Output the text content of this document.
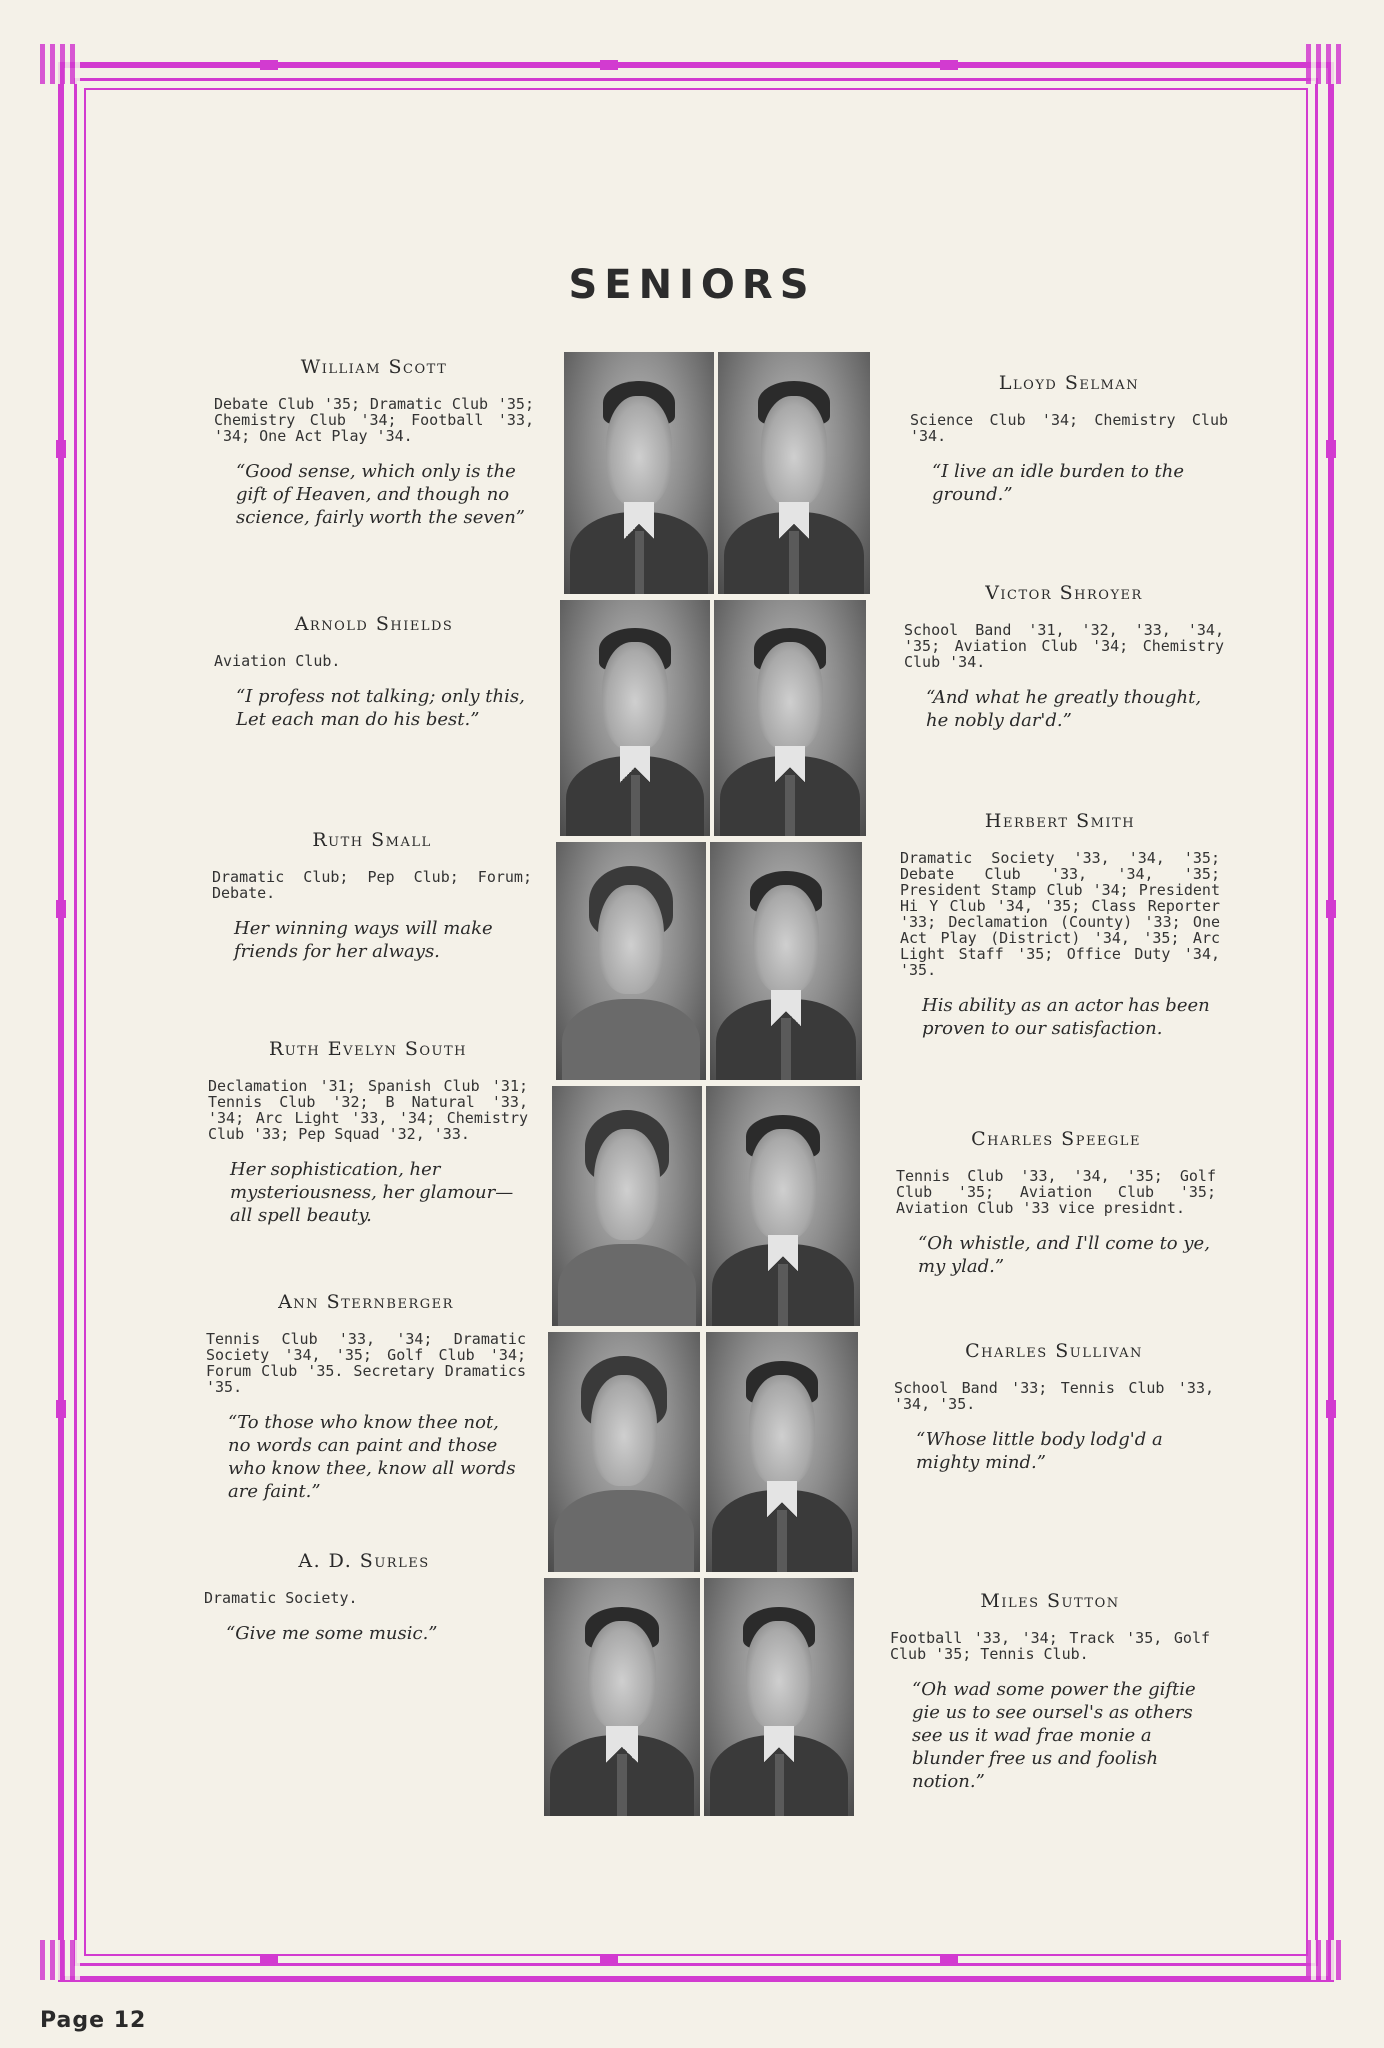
SENIORS
William Scott
Debate Club '35; Dramatic Club '35; Chemistry Club '34; Football '33, '34; One Act Play '34.
“Good sense, which only is the gift of Heaven, and though no science, fairly worth the seven”
Arnold Shields
Aviation Club.
“I profess not talking; only this, Let each man do his best.”
Ruth Small
Dramatic Club; Pep Club; Forum; Debate.
Her winning ways will make friends for her always.
Ruth Evelyn South
Declamation '31; Spanish Club '31; Tennis Club '32; B Natural '33, '34; Arc Light '33, '34; Chemistry Club '33; Pep Squad '32, '33.
Her sophistication, her mysteriousness, her glamour— all spell beauty.
Ann Sternberger
Tennis Club '33, '34; Dramatic Society '34, '35; Golf Club '34; Forum Club '35. Secretary Dramatics '35.
“To those who know thee not, no words can paint and those who know thee, know all words are faint.”
A. D. Surles
Dramatic Society.
“Give me some music.”
Lloyd Selman
Science Club '34; Chemistry Club '34.
“I live an idle burden to the ground.”
Victor Shroyer
School Band '31, '32, '33, '34, '35; Aviation Club '34; Chemistry Club '34.
“And what he greatly thought, he nobly dar'd.”
Herbert Smith
Dramatic Society '33, '34, '35; Debate Club '33, '34, '35; President Stamp Club '34; President Hi Y Club '34, '35; Class Reporter '33; Declamation (County) '33; One Act Play (District) '34, '35; Arc Light Staff '35; Office Duty '34, '35.
His ability as an actor has been proven to our satisfaction.
Charles Speegle
Tennis Club '33, '34, '35; Golf Club '35; Aviation Club '35; Aviation Club '33 vice presidnt.
“Oh whistle, and I'll come to ye, my ylad.”
Charles Sullivan
School Band '33; Tennis Club '33, '34, '35.
“Whose little body lodg'd a mighty mind.”
Miles Sutton
Football '33, '34; Track '35, Golf Club '35; Tennis Club.
“Oh wad some power the giftie gie us to see oursel's as others see us it wad frae monie a blunder free us and foolish notion.”
Page 12
